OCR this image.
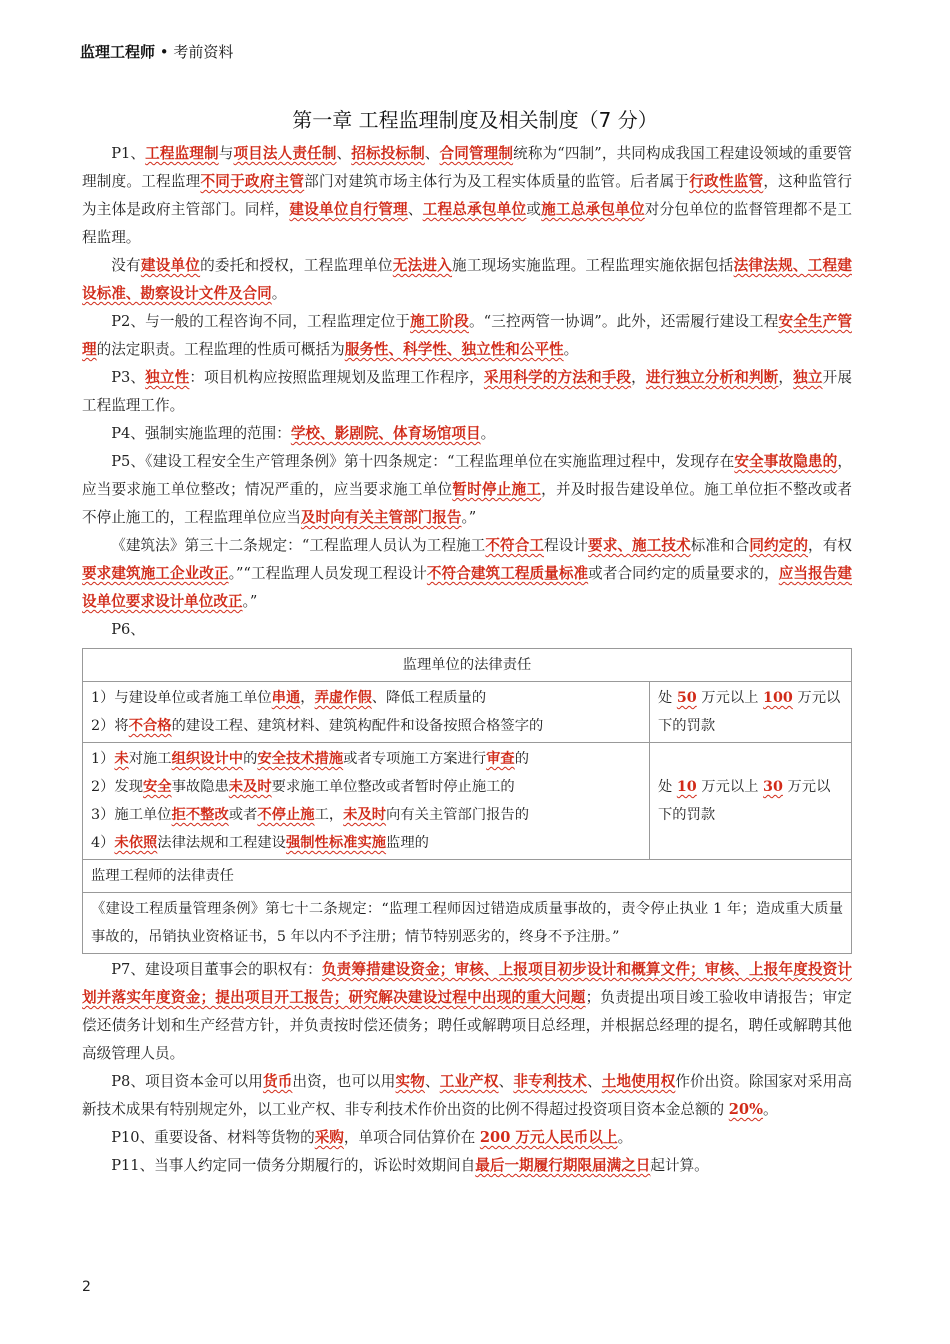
监理工程师 • 考前资料
第一章 工程监理制度及相关制度（7 分）

P1、工程监理制与项目法人责任制、招标投标制、合同管理制统称为“四制”，共同构成我国工程建设领域的重要管理制度。工程监理不同于政府主管部门对建筑市场主体行为及工程实体质量的监管。后者属于行政性监管，这种监管行为主体是政府主管部门。同样，建设单位自行管理、工程总承包单位或施工总承包单位对分包单位的监督管理都不是工程监理。

没有建设单位的委托和授权，工程监理单位无法进入施工现场实施监理。工程监理实施依据包括法律法规、工程建设标准、勘察设计文件及合同。

P2、与一般的工程咨询不同，工程监理定位于施工阶段。“三控两管一协调”。此外，还需履行建设工程安全生产管理的法定职责。工程监理的性质可概括为服务性、科学性、独立性和公平性。

P3、独立性：项目机构应按照监理规划及监理工作程序，采用科学的方法和手段，进行独立分析和判断，独立开展工程监理工作。

P4、强制实施监理的范围：学校、影剧院、体育场馆项目。

P5、《建设工程安全生产管理条例》第十四条规定：“工程监理单位在实施监理过程中，发现存在安全事故隐患的，应当要求施工单位整改；情况严重的，应当要求施工单位暂时停止施工，并及时报告建设单位。施工单位拒不整改或者不停止施工的，工程监理单位应当及时向有关主管部门报告。”

《建筑法》第三十二条规定：“工程监理人员认为工程施工不符合工程设计要求、施工技术标准和合同约定的，有权要求建筑施工企业改正。”“工程监理人员发现工程设计不符合建筑工程质量标准或者合同约定的质量要求的，应当报告建设单位要求设计单位改正。”

P6、

监理单位的法律责任	

1）与建设单位或者施工单位串通，弄虚作假、降低工程质量的
2）将不合格的建设工程、建筑材料、建筑构配件和设备按照合格签字的	处 50 万元以上 100 万元以下的罚款

1）未对施工组织设计中的安全技术措施或者专项施工方案进行审查的
2）发现安全事故隐患未及时要求施工单位整改或者暂时停止施工的
3）施工单位拒不整改或者不停止施工，未及时向有关主管部门报告的
4）未依照法律法规和工程建设强制性标准实施监理的	处 10 万元以上 30 万元以下的罚款
监理工程师的法律责任	
《建设工程质量管理条例》第七十二条规定：“监理工程师因过错造成质量事故的，责令停止执业 1 年；造成重大质量事故的，吊销执业资格证书，5 年以内不予注册；情节特别恶劣的，终身不予注册。”	

P7、建设项目董事会的职权有：负责筹措建设资金；审核、上报项目初步设计和概算文件；审核、上报年度投资计划并落实年度资金；提出项目开工报告；研究解决建设过程中出现的重大问题；负责提出项目竣工验收申请报告；审定偿还债务计划和生产经营方针，并负责按时偿还债务；聘任或解聘项目总经理，并根据总经理的提名，聘任或解聘其他高级管理人员。

P8、项目资本金可以用货币出资，也可以用实物、工业产权、非专利技术、土地使用权作价出资。除国家对采用高新技术成果有特别规定外，以工业产权、非专利技术作价出资的比例不得超过投资项目资本金总额的 20%。

P10、重要设备、材料等货物的采购，单项合同估算价在 200 万元人民币以上。

P11、当事人约定同一债务分期履行的，诉讼时效期间自最后一期履行期限届满之日起计算。

2
